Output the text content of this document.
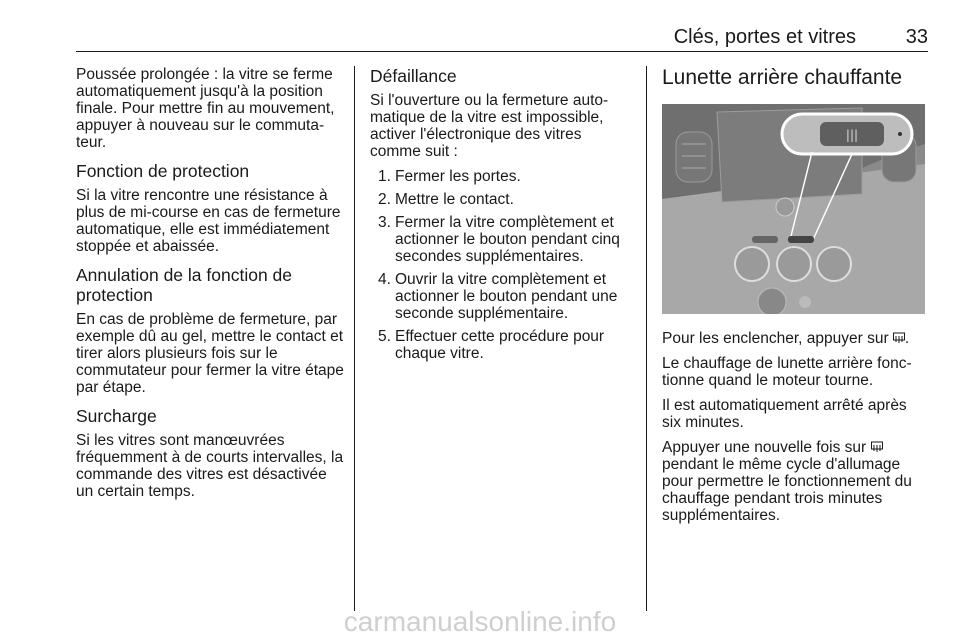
Clés, portes et vitres 33

Poussée prolongée : la vitre se ferme automatiquement jusqu'à la position finale. Pour mettre fin au mouvement, appuyer à nouveau sur le commutateur.

Fonction de protection

Si la vitre rencontre une résistance à plus de mi-course en cas de fermeture automatique, elle est immédiatement stoppée et abaissée.

Annulation de la fonction de protection

En cas de problème de fermeture, par exemple dû au gel, mettre le contact et tirer alors plusieurs fois sur le commutateur pour fermer la vitre étape par étape.

Surcharge

Si les vitres sont manœuvrées fréquemment à de courts intervalles, la commande des vitres est désactivée un certain temps.

Défaillance

Si l'ouverture ou la fermeture automatique de la vitre est impossible, activer l'électronique des vitres comme suit :

1. Fermer les portes.
2. Mettre le contact.
3. Fermer la vitre complètement et actionner le bouton pendant cinq secondes supplémentaires.
4. Ouvrir la vitre complètement et actionner le bouton pendant une seconde supplémentaire.
5. Effectuer cette procédure pour chaque vitre.
Lunette arrière chauffante
|||

Pour les enclencher, appuyer sur .

Le chauffage de lunette arrière fonctionne quand le moteur tourne.

Il est automatiquement arrêté après six minutes.

Appuyer une nouvelle fois sur  pendant le même cycle d'allumage pour permettre le fonctionnement du chauffage pendant trois minutes supplémentaires.

carmanualsonline.info
